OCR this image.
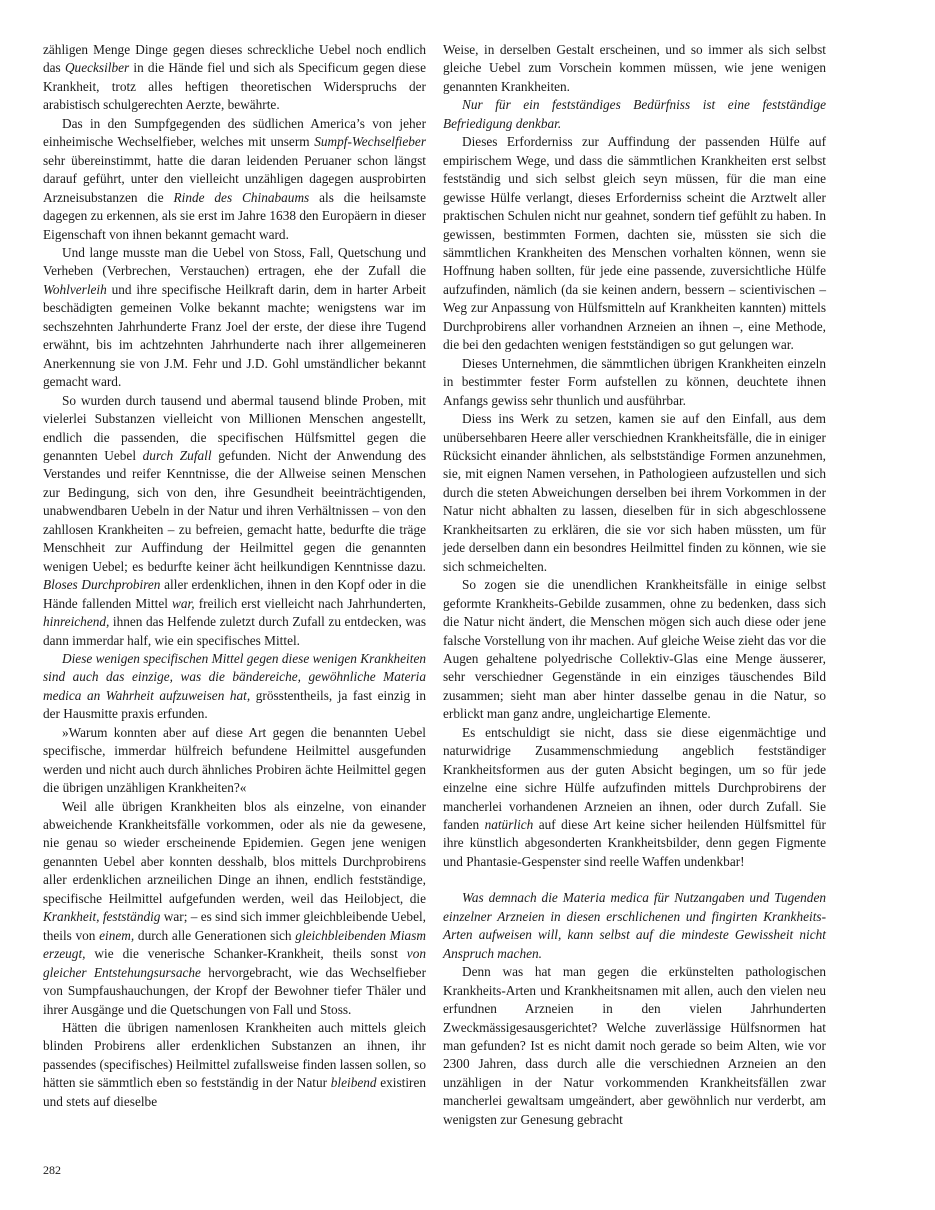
zähligen Menge Dinge gegen dieses schreckliche Uebel noch endlich das Quecksilber in die Hände fiel und sich als Specificum gegen diese Krankheit, trotz alles heftigen theoretischen Widerspruchs der arabistisch schulgerechten Aerzte, bewährte.

Das in den Sumpfgegenden des südlichen America’s von jeher einheimische Wechselfieber, welches mit unserm Sumpf-Wechselfieber sehr übereinstimmt, hatte die daran leidenden Peruaner schon längst darauf geführt, unter den vielleicht unzähligen dagegen ausprobirten Arzneisubstanzen die Rinde des Chinabaums als die heilsamste dagegen zu erkennen, als sie erst im Jahre 1638 den Europäern in dieser Eigenschaft von ihnen bekannt gemacht ward.

Und lange musste man die Uebel von Stoss, Fall, Quetschung und Verheben (Verbrechen, Verstauchen) ertragen, ehe der Zufall die Wohlverleih und ihre specifische Heilkraft darin, dem in harter Arbeit beschädigten gemeinen Volke bekannt machte; wenigstens war im sechszehnten Jahrhunderte Franz Joel der erste, der diese ihre Tugend erwähnt, bis im achtzehnten Jahrhunderte nach ihrer allgemeineren Anerkennung sie von J.M. Fehr und J.D. Gohl umständlicher bekannt gemacht ward.

So wurden durch tausend und abermal tausend blinde Proben, mit vielerlei Substanzen vielleicht von Millionen Menschen angestellt, endlich die passenden, die specifischen Hülfsmittel gegen die genannten Uebel durch Zufall gefunden. Nicht der Anwendung des Verstandes und reifer Kenntnisse, die der Allweise seinen Menschen zur Bedingung, sich von den, ihre Gesundheit beeinträchtigenden, unabwendbaren Uebeln in der Natur und ihren Verhältnissen – von den zahllosen Krankheiten – zu befreien, gemacht hatte, bedurfte die träge Menschheit zur Auffindung der Heilmittel gegen die genannten wenigen Uebel; es bedurfte keiner ächt heilkundigen Kenntnisse dazu. Bloses Durchprobiren aller erdenklichen, ihnen in den Kopf oder in die Hände fallenden Mittel war, freilich erst vielleicht nach Jahrhunderten, hinreichend, ihnen das Helfende zuletzt durch Zufall zu entdecken, was dann immerdar half, wie ein specifisches Mittel.

Diese wenigen specifischen Mittel gegen diese wenigen Krankheiten sind auch das einzige, was die bändereiche, gewöhnliche Materia medica an Wahrheit aufzuweisen hat, grösstentheils, ja fast einzig in der Hausmitte praxis erfunden.

»Warum konnten aber auf diese Art gegen die benannten Uebel specifische, immerdar hülfreich befundene Heilmittel ausgefunden werden und nicht auch durch ähnliches Probiren ächte Heilmittel gegen die übrigen unzähligen Krankheiten?«

Weil alle übrigen Krankheiten blos als einzelne, von einander abweichende Krankheitsfälle vorkommen, oder als nie da gewesene, nie genau so wieder erscheinende Epidemien. Gegen jene wenigen genannten Uebel aber konnten desshalb, blos mittels Durchprobirens aller erdenklichen arzneilichen Dinge an ihnen, endlich festständige, specifische Heilmittel aufgefunden werden, weil das Heilobject, die Krankheit, festständig war; – es sind sich immer gleichbleibende Uebel, theils von einem, durch alle Generationen sich gleichbleibenden Miasm erzeugt, wie die venerische Schanker-Krankheit, theils sonst von gleicher Entstehungsursache hervorgebracht, wie das Wechselfieber von Sumpfaushauchungen, der Kropf der Bewohner tiefer Thäler und ihrer Ausgänge und die Quetschungen von Fall und Stoss.

Hätten die übrigen namenlosen Krankheiten auch mittels gleich blinden Probirens aller erdenklichen Substanzen an ihnen, ihr passendes (specifisches) Heilmittel zufallsweise finden lassen sollen, so hätten sie sämmtlich eben so festständig in der Natur bleibend existiren und stets auf dieselbe

Weise, in derselben Gestalt erscheinen, und so immer als sich selbst gleiche Uebel zum Vorschein kommen müssen, wie jene wenigen genannten Krankheiten.

Nur für ein festständiges Bedürfniss ist eine festständige Befriedigung denkbar.

Dieses Erforderniss zur Auffindung der passenden Hülfe auf empirischem Wege, und dass die sämmtlichen Krankheiten erst selbst festständig und sich selbst gleich seyn müssen, für die man eine gewisse Hülfe verlangt, dieses Erforderniss scheint die Arztwelt aller praktischen Schulen nicht nur geahnet, sondern tief gefühlt zu haben. In gewissen, bestimmten Formen, dachten sie, müssten sie sich die sämmtlichen Krankheiten des Menschen vorhalten können, wenn sie Hoffnung haben sollten, für jede eine passende, zuversichtliche Hülfe aufzufinden, nämlich (da sie keinen andern, bessern – scientivischen – Weg zur Anpassung von Hülfsmitteln auf Krankheiten kannten) mittels Durchprobirens aller vorhandnen Arzneien an ihnen –, eine Methode, die bei den gedachten wenigen festständigen so gut gelungen war.

Dieses Unternehmen, die sämmtlichen übrigen Krankheiten einzeln in bestimmter fester Form aufstellen zu können, deuchtete ihnen Anfangs gewiss sehr thunlich und ausführbar.

Diess ins Werk zu setzen, kamen sie auf den Einfall, aus dem unübersehbaren Heere aller verschiednen Krankheitsfälle, die in einiger Rücksicht einander ähnlichen, als selbstständige Formen anzunehmen, sie, mit eignen Namen versehen, in Pathologieen aufzustellen und sich durch die steten Abweichungen derselben bei ihrem Vorkommen in der Natur nicht abhalten zu lassen, dieselben für in sich abgeschlossene Krankheitsarten zu erklären, die sie vor sich haben müssten, um für jede derselben dann ein besondres Heilmittel finden zu können, wie sie sich schmeichelten.

So zogen sie die unendlichen Krankheitsfälle in einige selbst geformte Krankheits-Gebilde zusammen, ohne zu bedenken, dass sich die Natur nicht ändert, die Menschen mögen sich auch diese oder jene falsche Vorstellung von ihr machen. Auf gleiche Weise zieht das vor die Augen gehaltene polyedrische Collektiv-Glas eine Menge äusserer, sehr verschiedner Gegenstände in ein einziges täuschendes Bild zusammen; sieht man aber hinter dasselbe genau in die Natur, so erblickt man ganz andre, ungleichartige Elemente.

Es entschuldigt sie nicht, dass sie diese eigenmächtige und naturwidrige Zusammenschmiedung angeblich festständiger Krankheitsformen aus der guten Absicht begingen, um so für jede einzelne eine sichre Hülfe aufzufinden mittels Durchprobirens der mancherlei vorhandenen Arzneien an ihnen, oder durch Zufall. Sie fanden natürlich auf diese Art keine sicher heilenden Hülfsmittel für ihre künstlich abgesonderten Krankheitsbilder, denn gegen Figmente und Phantasie-Gespenster sind reelle Waffen undenkbar!

Was demnach die Materia medica für Nutzangaben und Tugenden einzelner Arzneien in diesen erschlichenen und fingirten Krankheits-Arten aufweisen will, kann selbst auf die mindeste Gewissheit nicht Anspruch machen.

Denn was hat man gegen die erkünstelten pathologischen Krankheits-Arten und Krankheitsnamen mit allen, auch den vielen neu erfundnen Arzneien in den vielen Jahrhunderten Zweckmässigesausgerichtet? Welche zuverlässige Hülfsnormen hat man gefunden? Ist es nicht damit noch gerade so beim Alten, wie vor 2300 Jahren, dass durch alle die verschiednen Arzneien an den unzähligen in der Natur vorkommenden Krankheitsfällen zwar mancherlei gewaltsam umgeändert, aber gewöhnlich nur verderbt, am wenigsten zur Genesung gebracht

282
